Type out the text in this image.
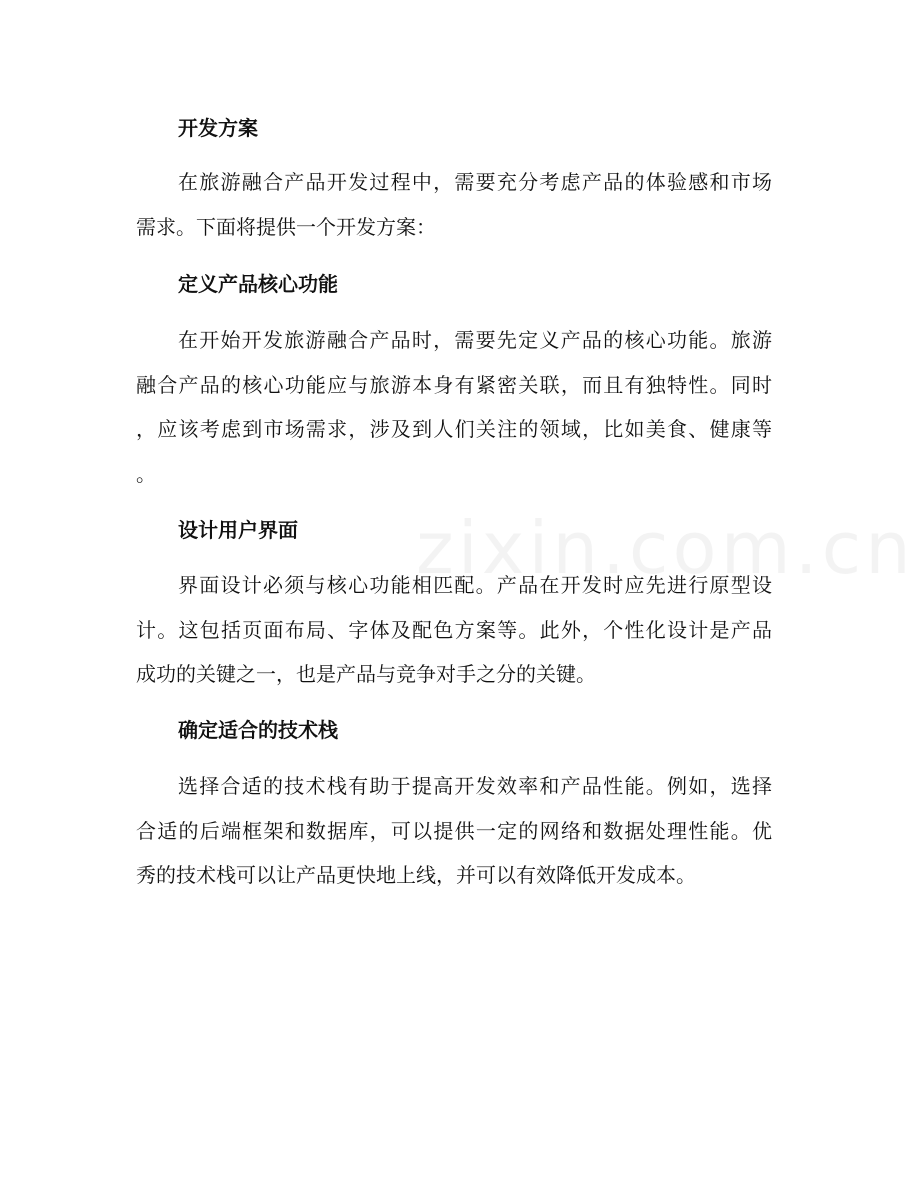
开发方案
在旅游融合产品开发过程中，需要充分考虑产品的体验感和市场
需求。下面将提供一个开发方案：
定义产品核心功能
在开始开发旅游融合产品时，需要先定义产品的核心功能。旅游
融合产品的核心功能应与旅游本身有紧密关联，而且有独特性。同时
，应该考虑到市场需求，涉及到人们关注的领域，比如美食、健康等
。
设计用户界面
界面设计必须与核心功能相匹配。产品在开发时应先进行原型设
计。这包括页面布局、字体及配色方案等。此外，个性化设计是产品
成功的关键之一，也是产品与竞争对手之分的关键。
确定适合的技术栈
选择合适的技术栈有助于提高开发效率和产品性能。例如，选择
合适的后端框架和数据库，可以提供一定的网络和数据处理性能。优
秀的技术栈可以让产品更快地上线，并可以有效降低开发成本。
